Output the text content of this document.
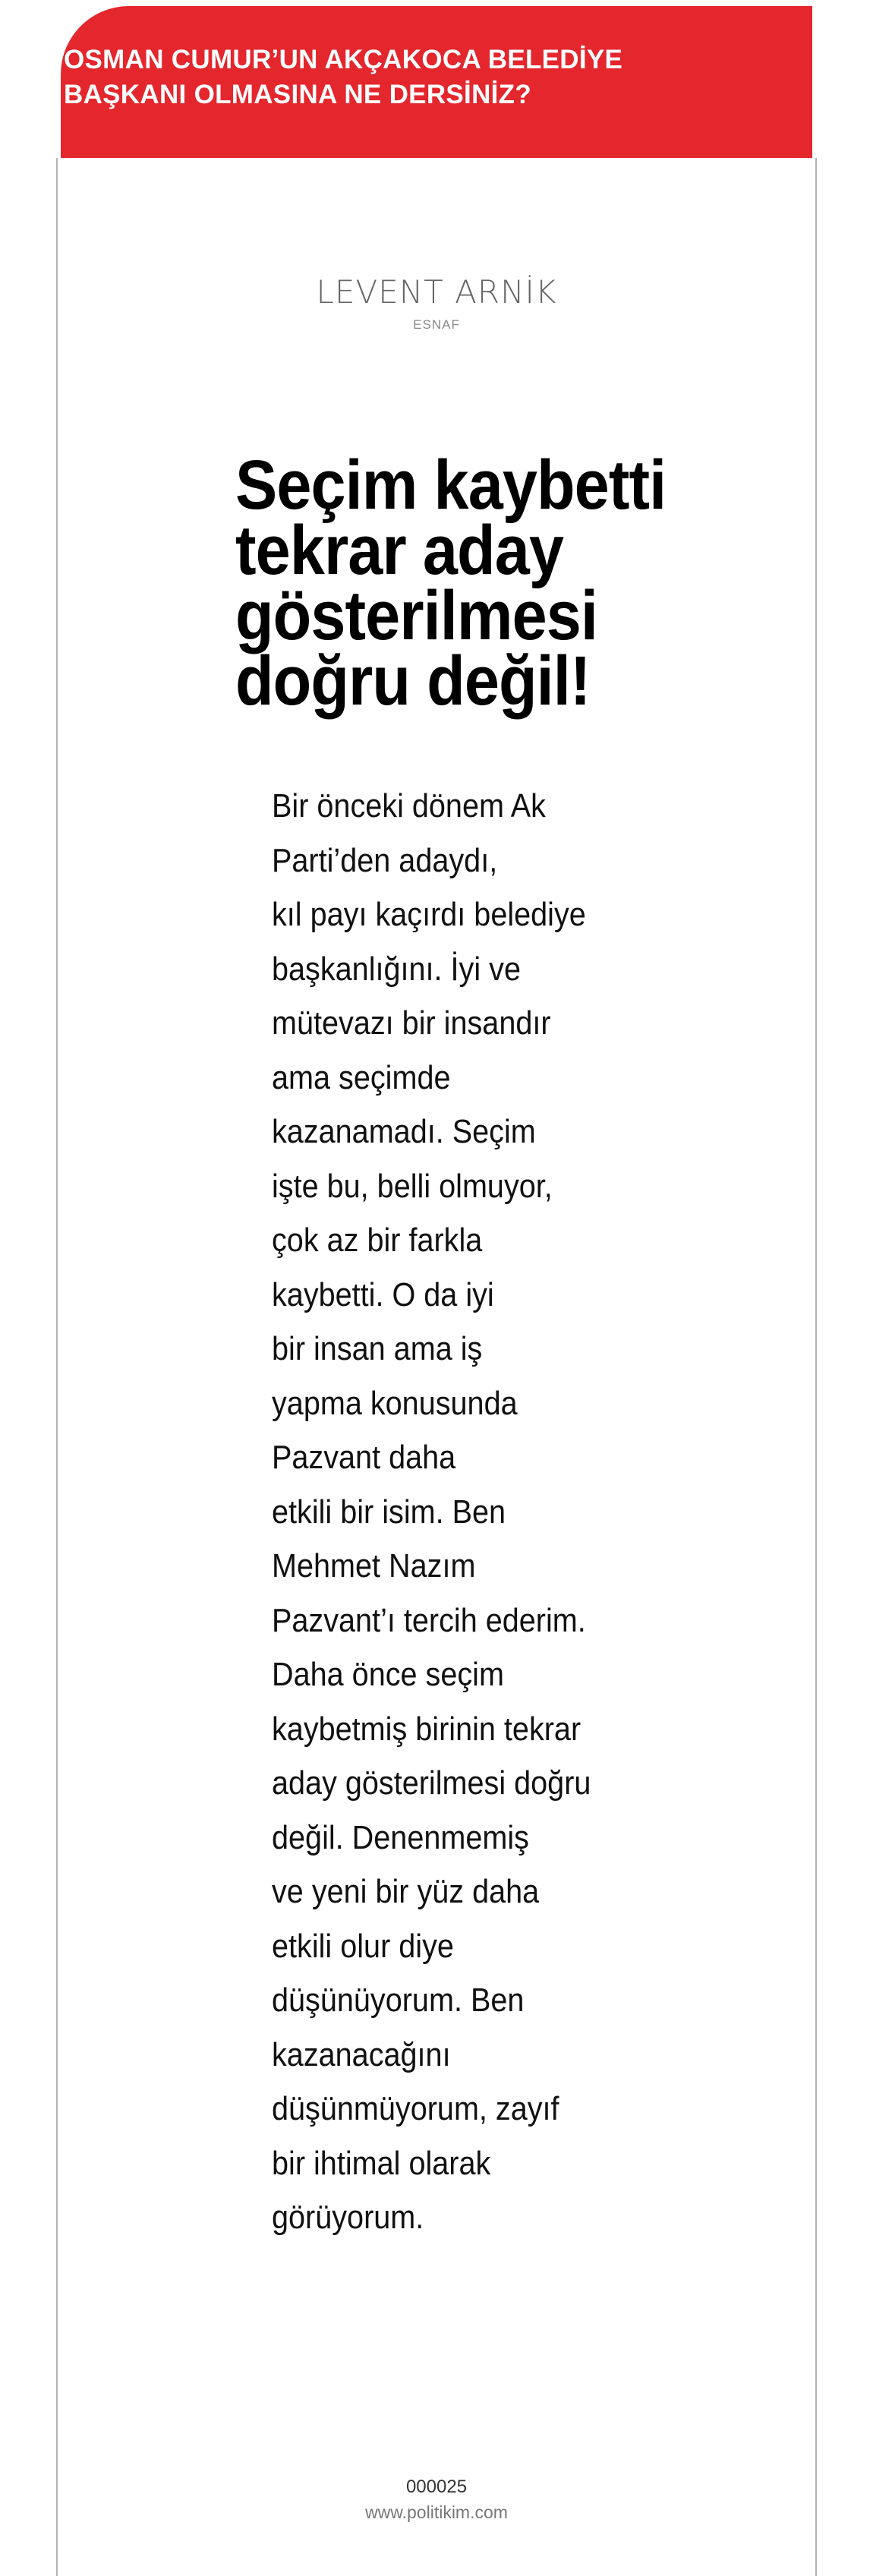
OSMAN CUMUR’UN AKÇAKOCA BELEDİYE
BAŞKANI OLMASINA NE DERSİNİZ?
LEVENT ARNİK
ESNAF
Seçim kaybetti
tekrar aday
gösterilmesi
doğru değil!
Bir önceki dönem Ak
Parti’den adaydı,
kıl payı kaçırdı belediye
başkanlığını. İyi ve
mütevazı bir insandır
ama seçimde
kazanamadı. Seçim
işte bu, belli olmuyor,
çok az bir farkla
kaybetti. O da iyi
bir insan ama iş
yapma konusunda
Pazvant daha
etkili bir isim. Ben
Mehmet Nazım
Pazvant’ı tercih ederim.
Daha önce seçim
kaybetmiş birinin tekrar
aday gösterilmesi doğru
değil. Denenmemiş
ve yeni bir yüz daha
etkili olur diye
düşünüyorum. Ben
kazanacağını
düşünmüyorum, zayıf
bir ihtimal olarak
görüyorum.
000025
www.politikim.com
